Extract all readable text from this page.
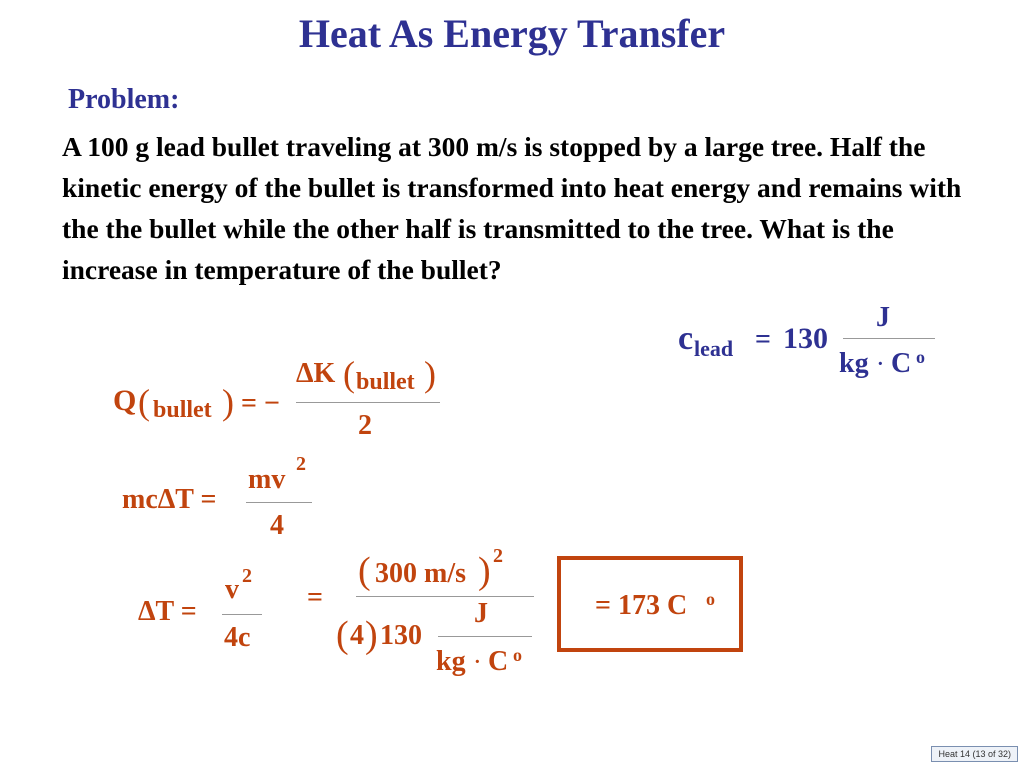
Heat As Energy Transfer
Problem:
A 100 g lead bullet traveling at 300 m/s is stopped by a large tree. Half the kinetic energy of the bullet is transformed into heat energy and remains with the the bullet while the other half is transmitted to the tree. What is the increase in temperature of the bullet?
c lead = 130
J
kg · C o
Q ( bullet ) = −
ΔK ( bullet )
2
mcΔT =
mv 2
4
ΔT =
v 2
4c
=
( 300 m/s ) 2
( 4 ) 130
J
kg · C o
= 173 C o
Heat 14 (13 of 32)
